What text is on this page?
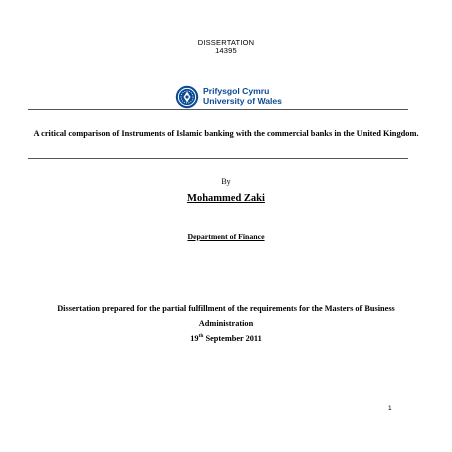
DISSERTATION
14395
Prifysgol Cymru
University of Wales
A critical comparison of Instruments of Islamic banking with the commercial banks in the United Kingdom.
By
Mohammed Zaki
Department of Finance
Dissertation prepared for the partial fulfillment of the requirements for the Masters of Business Administration
19th September 2011
1
